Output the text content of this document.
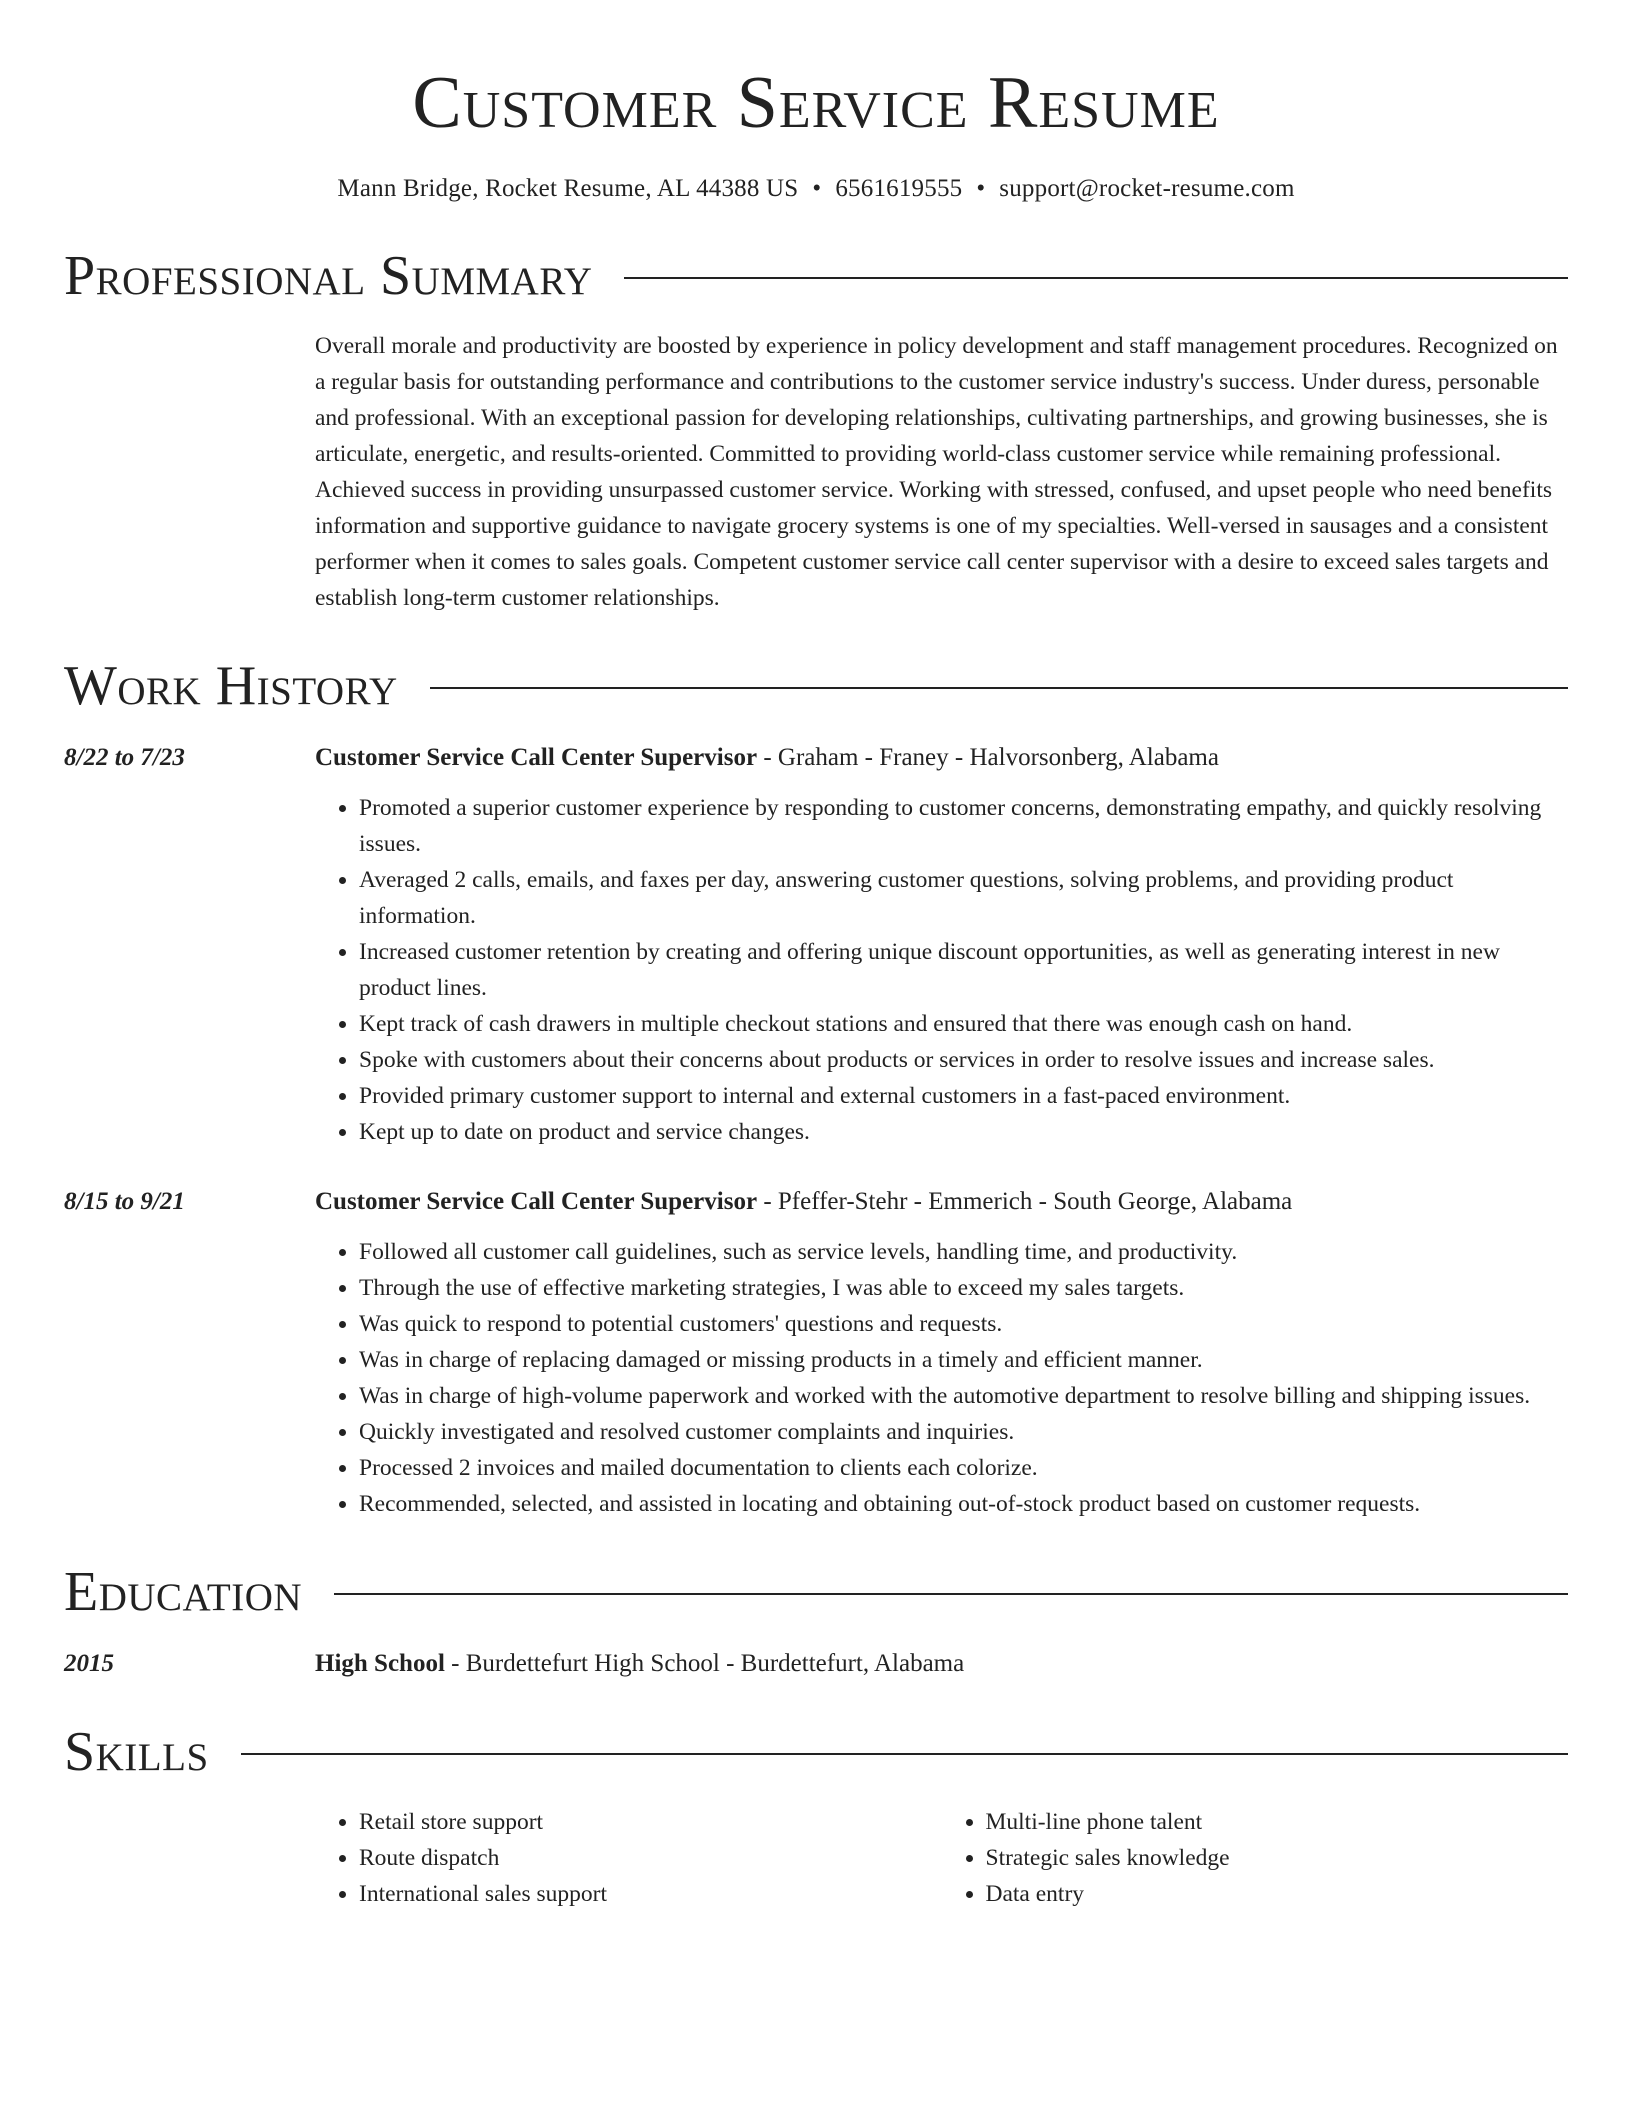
Customer Service Resume
Mann Bridge, Rocket Resume, AL 44388 US • 6561619555 • support@rocket-resume.com
Professional Summary
Overall morale and productivity are boosted by experience in policy development and staff management procedures. Recognized on a regular basis for outstanding performance and contributions to the customer service industry's success. Under duress, personable and professional. With an exceptional passion for developing relationships, cultivating partnerships, and growing businesses, she is articulate, energetic, and results-oriented. Committed to providing world-class customer service while remaining professional. Achieved success in providing unsurpassed customer service. Working with stressed, confused, and upset people who need benefits information and supportive guidance to navigate grocery systems is one of my specialties. Well-versed in sausages and a consistent performer when it comes to sales goals. Competent customer service call center supervisor with a desire to exceed sales targets and establish long-term customer relationships.
Work History
8/22 to 7/23	Customer Service Call Center Supervisor - Graham - Franey - Halvorsonberg, Alabama
• Promoted a superior customer experience by responding to customer concerns, demonstrating empathy, and quickly resolving issues.
• Averaged 2 calls, emails, and faxes per day, answering customer questions, solving problems, and providing product information.
• Increased customer retention by creating and offering unique discount opportunities, as well as generating interest in new product lines.
• Kept track of cash drawers in multiple checkout stations and ensured that there was enough cash on hand.
• Spoke with customers about their concerns about products or services in order to resolve issues and increase sales.
• Provided primary customer support to internal and external customers in a fast-paced environment.
• Kept up to date on product and service changes.
8/15 to 9/21	Customer Service Call Center Supervisor - Pfeffer-Stehr - Emmerich - South George, Alabama
• Followed all customer call guidelines, such as service levels, handling time, and productivity.
• Through the use of effective marketing strategies, I was able to exceed my sales targets.
• Was quick to respond to potential customers' questions and requests.
• Was in charge of replacing damaged or missing products in a timely and efficient manner.
• Was in charge of high-volume paperwork and worked with the automotive department to resolve billing and shipping issues.
• Quickly investigated and resolved customer complaints and inquiries.
• Processed 2 invoices and mailed documentation to clients each colorize.
• Recommended, selected, and assisted in locating and obtaining out-of-stock product based on customer requests.
Education
2015	High School - Burdettefurt High School - Burdettefurt, Alabama
Skills
• Retail store support
• Route dispatch
• International sales support
• Multi-line phone talent
• Strategic sales knowledge
• Data entry
